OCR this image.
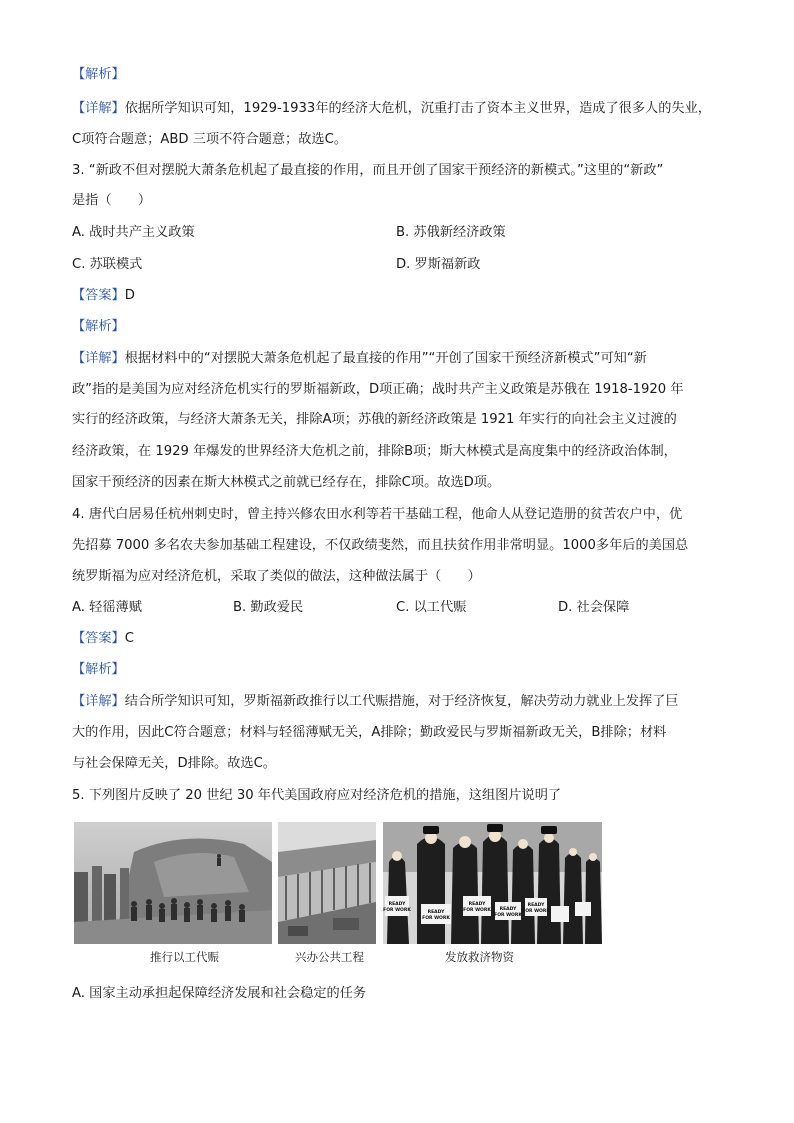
【解析】
【详解】依据所学知识可知，1929-1933年的经济大危机，沉重打击了资本主义世界，造成了很多人的失业，
C项符合题意；ABD 三项不符合题意；故选C。
3. “新政不但对摆脱大萧条危机起了最直接的作用，而且开创了国家干预经济的新模式。”这里的“新政”
是指（　　）
A. 战时共产主义政策	B. 苏俄新经济政策
C. 苏联模式	D. 罗斯福新政
【答案】D
【解析】
【详解】根据材料中的“对摆脱大萧条危机起了最直接的作用”“开创了国家干预经济新模式”可知“新
政”指的是美国为应对经济危机实行的罗斯福新政，D项正确；战时共产主义政策是苏俄在 1918-1920 年
实行的经济政策，与经济大萧条无关，排除A项；苏俄的新经济政策是 1921 年实行的向社会主义过渡的
经济政策，在 1929 年爆发的世界经济大危机之前，排除B项；斯大林模式是高度集中的经济政治体制，
国家干预经济的因素在斯大林模式之前就已经存在，排除C项。故选D项。
4. 唐代白居易任杭州刺史时，曾主持兴修农田水利等若干基础工程，他命人从登记造册的贫苦农户中，优
先招募 7000 多名农夫参加基础工程建设，不仅政绩斐然，而且扶贫作用非常明显。1000多年后的美国总
统罗斯福为应对经济危机，采取了类似的做法，这种做法属于（　　）
A. 轻徭薄赋	B. 勤政爱民	C. 以工代赈	D. 社会保障
【答案】C
【解析】
【详解】结合所学知识可知，罗斯福新政推行以工代赈措施，对于经济恢复，解决劳动力就业上发挥了巨
大的作用，因此C符合题意；材料与轻徭薄赋无关，A排除；勤政爱民与罗斯福新政无关，B排除；材料
与社会保障无关，D排除。故选C。
5. 下列图片反映了 20 世纪 30 年代美国政府应对经济危机的措施，这组图片说明了
READY
FOR WORK	READY
FOR WORK
READY
FOR WORK READY
FOR WORK
READY
FOR WORK
推行以工代赈	兴办公共工程	发放救济物资
A. 国家主动承担起保障经济发展和社会稳定的任务
